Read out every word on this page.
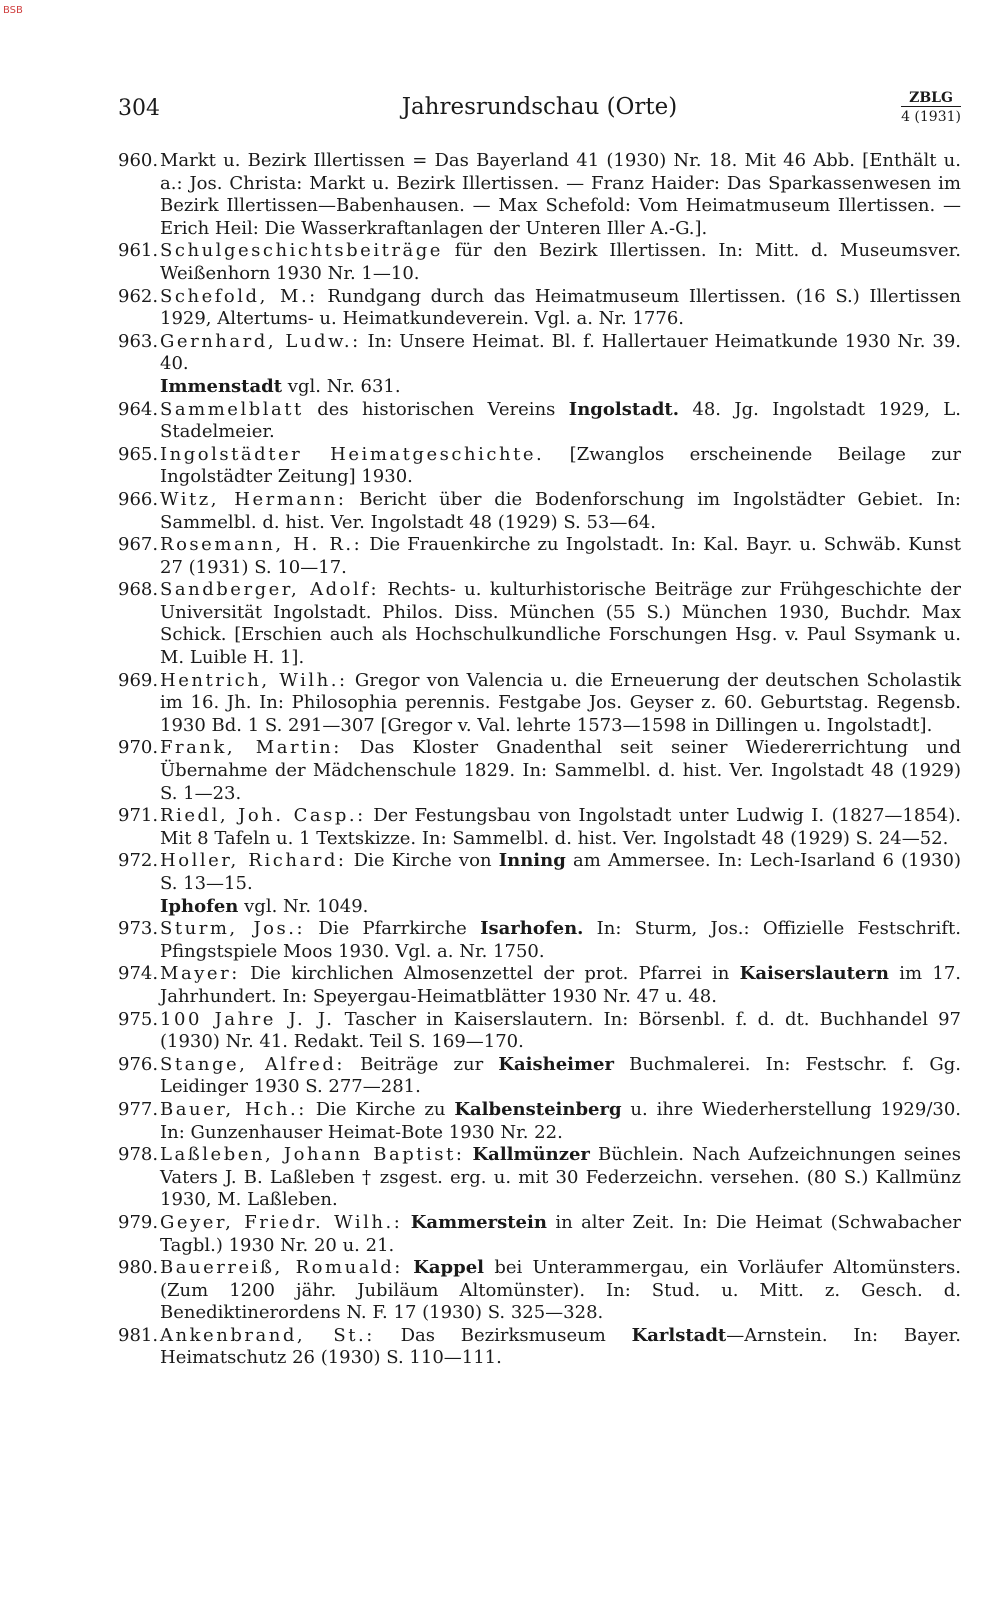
BSB
304	Jahresrundschau (Orte)	ZBLG
4 (1931)
960. Markt u. Bezirk Illertissen = Das Bayerland 41 (1930) Nr. 18. Mit 46 Abb. [Enthält u. a.: Jos. Christa: Markt u. Bezirk Illertissen. — Franz Haider: Das Sparkassenwesen im Bezirk Illertissen—Babenhausen. — Max Schefold: Vom Heimatmuseum Illertissen. — Erich Heil: Die Wasserkraftanlagen der Unteren Iller A.-G.].
961. Schulgeschichtsbeiträge für den Bezirk Illertissen. In: Mitt. d. Museumsver. Weißenhorn 1930 Nr. 1—10.
962. Schefold, M.: Rundgang durch das Heimatmuseum Illertissen. (16 S.) Illertissen 1929, Altertums- u. Heimatkundeverein. Vgl. a. Nr. 1776.
963. Gernhard, Ludw.: In: Unsere Heimat. Bl. f. Hallertauer Heimatkunde 1930 Nr. 39. 40.
Immenstadt vgl. Nr. 631.
964. Sammelblatt des historischen Vereins Ingolstadt. 48. Jg. Ingolstadt 1929, L. Stadelmeier.
965. Ingolstädter Heimatgeschichte. [Zwanglos erscheinende Beilage zur Ingolstädter Zeitung] 1930.
966. Witz, Hermann: Bericht über die Bodenforschung im Ingolstädter Gebiet. In: Sammelbl. d. hist. Ver. Ingolstadt 48 (1929) S. 53—64.
967. Rosemann, H. R.: Die Frauenkirche zu Ingolstadt. In: Kal. Bayr. u. Schwäb. Kunst 27 (1931) S. 10—17.
968. Sandberger, Adolf: Rechts- u. kulturhistorische Beiträge zur Frühgeschichte der Universität Ingolstadt. Philos. Diss. München (55 S.) München 1930, Buchdr. Max Schick. [Erschien auch als Hochschulkundliche Forschungen Hsg. v. Paul Ssymank u. M. Luible H. 1].
969. Hentrich, Wilh.: Gregor von Valencia u. die Erneuerung der deutschen Scholastik im 16. Jh. In: Philosophia perennis. Festgabe Jos. Geyser z. 60. Geburtstag. Regensb. 1930 Bd. 1 S. 291—307 [Gregor v. Val. lehrte 1573—1598 in Dillingen u. Ingolstadt].
970. Frank, Martin: Das Kloster Gnadenthal seit seiner Wiedererrichtung und Übernahme der Mädchenschule 1829. In: Sammelbl. d. hist. Ver. Ingolstadt 48 (1929) S. 1—23.
971. Riedl, Joh. Casp.: Der Festungsbau von Ingolstadt unter Ludwig I. (1827—1854). Mit 8 Tafeln u. 1 Textskizze. In: Sammelbl. d. hist. Ver. Ingolstadt 48 (1929) S. 24—52.
972. Holler, Richard: Die Kirche von Inning am Ammersee. In: Lech-Isarland 6 (1930) S. 13—15.
Iphofen vgl. Nr. 1049.
973. Sturm, Jos.: Die Pfarrkirche Isarhofen. In: Sturm, Jos.: Offizielle Festschrift. Pfingstspiele Moos 1930. Vgl. a. Nr. 1750.
974. Mayer: Die kirchlichen Almosenzettel der prot. Pfarrei in Kaiserslautern im 17. Jahrhundert. In: Speyergau-Heimatblätter 1930 Nr. 47 u. 48.
975. 100 Jahre J. J. Tascher in Kaiserslautern. In: Börsenbl. f. d. dt. Buchhandel 97 (1930) Nr. 41. Redakt. Teil S. 169—170.
976. Stange, Alfred: Beiträge zur Kaisheimer Buchmalerei. In: Festschr. f. Gg. Leidinger 1930 S. 277—281.
977. Bauer, Hch.: Die Kirche zu Kalbensteinberg u. ihre Wiederherstellung 1929/30. In: Gunzenhauser Heimat-Bote 1930 Nr. 22.
978. Laßleben, Johann Baptist: Kallmünzer Büchlein. Nach Aufzeichnungen seines Vaters J. B. Laßleben † zsgest. erg. u. mit 30 Federzeichn. versehen. (80 S.) Kallmünz 1930, M. Laßleben.
979. Geyer, Friedr. Wilh.: Kammerstein in alter Zeit. In: Die Heimat (Schwabacher Tagbl.) 1930 Nr. 20 u. 21.
980. Bauerreiß, Romuald: Kappel bei Unterammergau, ein Vorläufer Altomünsters. (Zum 1200 jähr. Jubiläum Altomünster). In: Stud. u. Mitt. z. Gesch. d. Benediktinerordens N. F. 17 (1930) S. 325—328.
981. Ankenbrand, St.: Das Bezirksmuseum Karlstadt—Arnstein. In: Bayer. Heimatschutz 26 (1930) S. 110—111.
